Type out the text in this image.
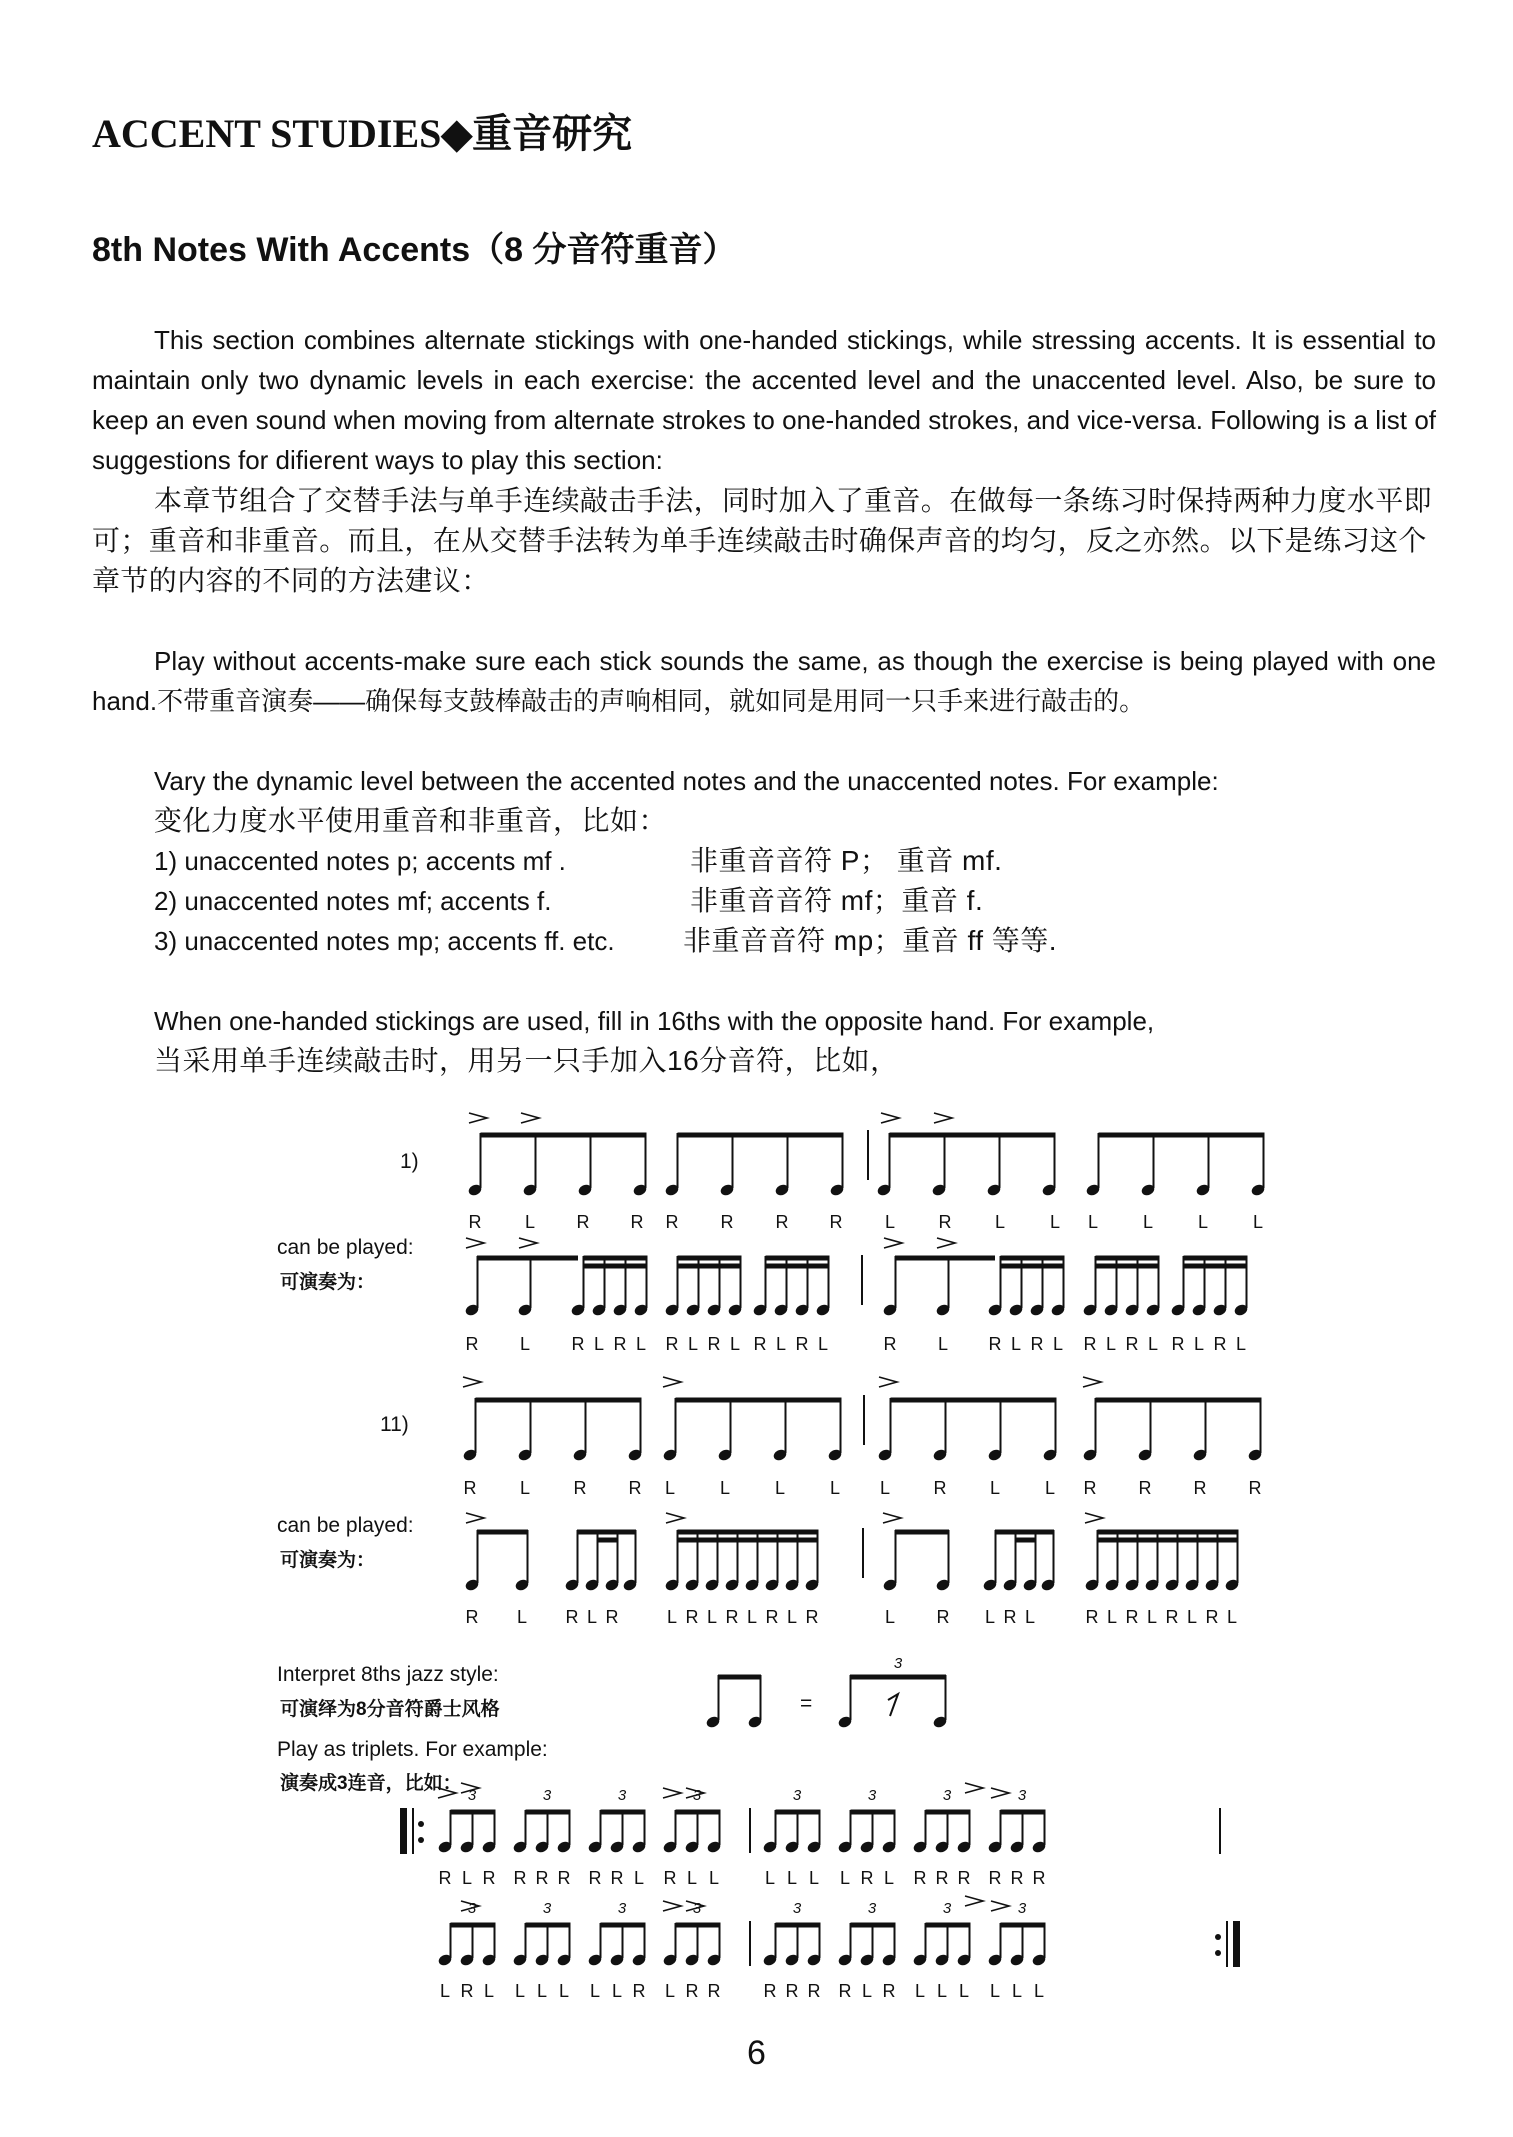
ACCENT STUDIES◆重音研究
8th Notes With Accents（8 分音符重音）
This section combines alternate stickings with one-handed stickings, while stressing accents. It is essential to maintain only two dynamic levels in each exercise: the accented level and the unaccented level. Also, be sure to keep an even sound when moving from alternate strokes to one-handed strokes, and vice-versa. Following is a list of suggestions for difierent ways to play this section:
本章节组合了交替手法与单手连续敲击手法，同时加入了重音。在做每一条练习时保持两种力度水平即可；重音和非重音。而且，在从交替手法转为单手连续敲击时确保声音的均匀，反之亦然。以下是练习这个章节的内容的不同的方法建议：
Play without accents-make sure each stick sounds the same, as though the exercise is being played with one hand.不带重音演奏——确保每支鼓棒敲击的声响相同，就如同是用同一只手来进行敲击的。
Vary the dynamic level between the accented notes and the unaccented notes. For example:
变化力度水平使用重音和非重音，比如：
1) unaccented notes p; accents mf .	非重音音符 P； 重音 mf.
2) unaccented notes mf; accents f.	非重音音符 mf；重音 f.
3) unaccented notes mp; accents ff. etc. 非重音音符 mp；重音 ff 等等.
When one-handed stickings are used, fill in 16ths with the opposite hand. For example,
当采用单手连续敲击时，用另一只手加入16分音符，比如，
1)
can be played:
可演奏为：
11)
can be played:
可演奏为：
Interpret 8ths jazz style:
可演绎为8分音符爵士风格
Play as triplets. For example:
演奏成3连音，比如：
=
R L R R R R R R L R L L L L L L
R L R L R L R L R L R L R L	R L R L R L R L R L R L R L
R L R R L L L L L R L L R R R R
R L R L R	L R L R L R L R	L R L R L	R L R L R L R L
3
3
R L R
3
R R R
3
R R L
3
R L L
3
L L L
3
L R L
3
R R R
3
R R R
3
L R L
3
L L L
3
L L R
3
L R R
3
R R R
3
R L R
3
L L L
3
L L L
6
